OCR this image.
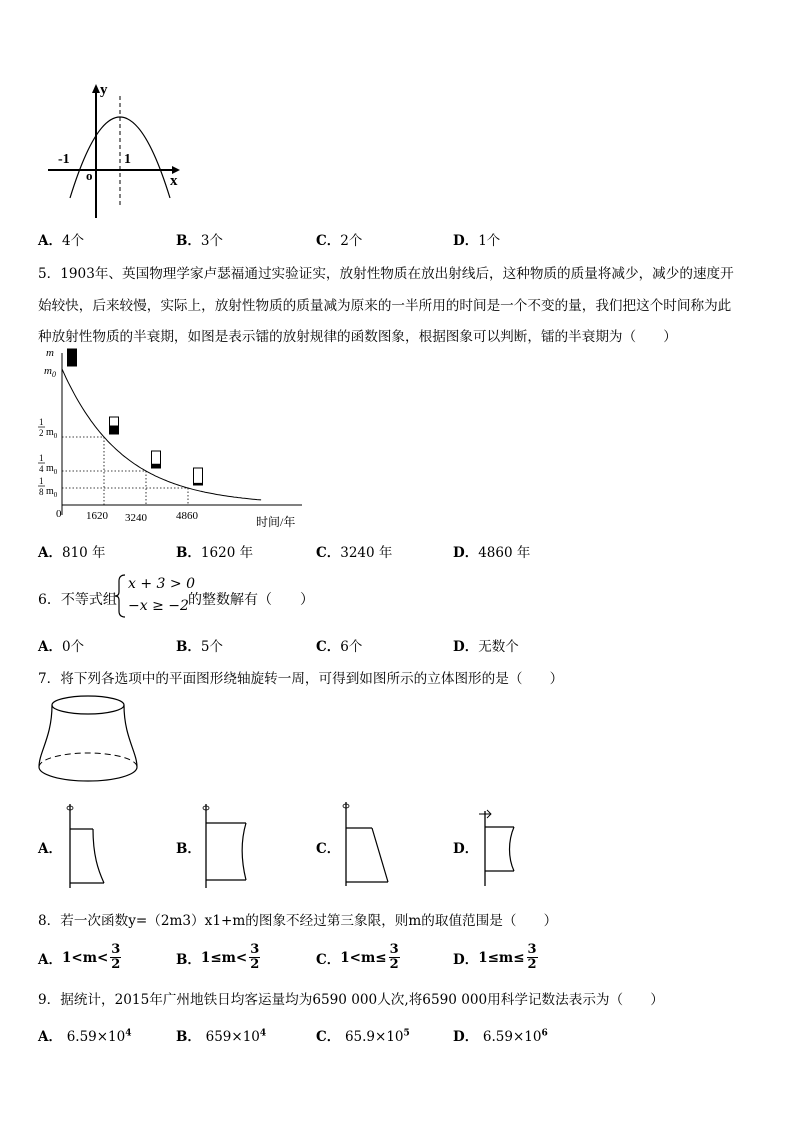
y
x
-1	1
o
A．4个	B．3个	C．2个	D．1个
5．1903年、英国物理学家卢瑟福通过实验证实，放射性物质在放出射线后，这种物质的质量将减少，减少的速度开
始较快，后来较慢，实际上，放射性物质的质量减为原来的一半所用的时间是一个不变的量，我们把这个时间称为此
种放射性物质的半衰期，如图是表示镭的放射规律的函数图象，根据图象可以判断，镭的半衰期为（　　）
m
$m_0$
1
2 $m_0$
1
4 $m_0$
1
8 $m_0$
0 1620 3240	4860	时间/年
A．810 年	B．1620 年	C．3240 年	D．4860 年
6．不等式组
x + 3 > 0
−x ≥ −2 的整数解有（　　）
A．0个	B．5个	C．6个	D．无数个
7．将下列各选项中的平面图形绕轴旋转一周，可得到如图所示的立体图形的是（　　）
A．	B．	C．	D．
8．若一次函数y=（2m3）x1+m的图象不经过第三象限，则m的取值范围是（　　）
A． $1<m< \frac{3}{2}$	B． $1\le m< \frac{3}{2}$	C． $1<m\le \frac{3}{2}$	D． $1\le m\le \frac{3}{2}$
9．据统计，2015年广州地铁日均客运量均为6590 000人次,将6590 000用科学记数法表示为（　　）
A． $6.59\times 10^4$	B． $659\times 10^4$	C． $65.9\times 10^5$	D． $6.59\times 10^6$
